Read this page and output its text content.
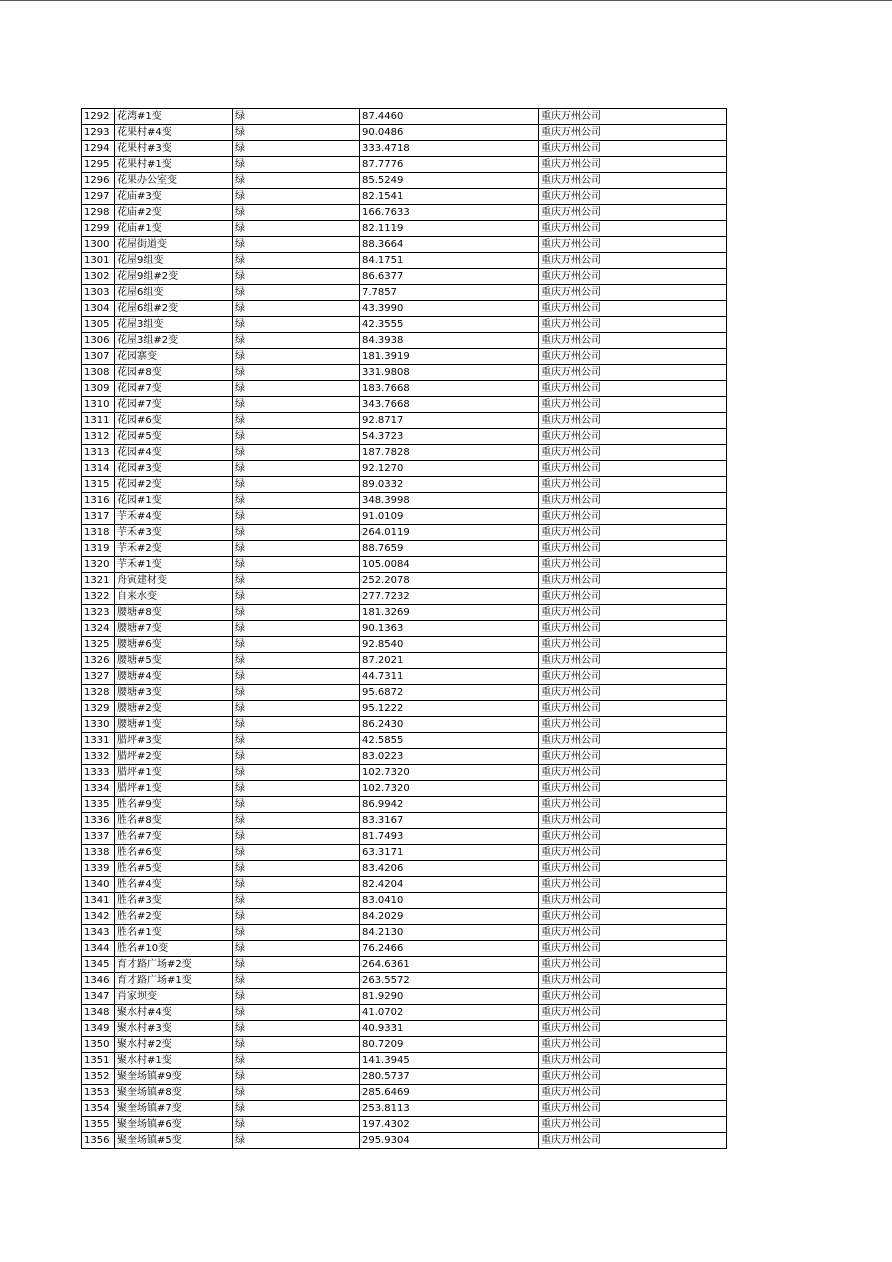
1292	花湾#1变	绿	87.4460	重庆万州公司
1293	花果村#4变	绿	90.0486	重庆万州公司
1294	花果村#3变	绿	333.4718	重庆万州公司
1295	花果村#1变	绿	87.7776	重庆万州公司
1296	花果办公室变	绿	85.5249	重庆万州公司
1297	花庙#3变	绿	82.1541	重庆万州公司
1298	花庙#2变	绿	166.7633	重庆万州公司
1299	花庙#1变	绿	82.1119	重庆万州公司
1300	花屋街道变	绿	88.3664	重庆万州公司
1301	花屋9组变	绿	84.1751	重庆万州公司
1302	花屋9组#2变	绿	86.6377	重庆万州公司
1303	花屋6组变	绿	7.7857	重庆万州公司
1304	花屋6组#2变	绿	43.3990	重庆万州公司
1305	花屋3组变	绿	42.3555	重庆万州公司
1306	花屋3组#2变	绿	84.3938	重庆万州公司
1307	花园寨变	绿	181.3919	重庆万州公司
1308	花园#8变	绿	331.9808	重庆万州公司
1309	花园#7变	绿	183.7668	重庆万州公司
1310	花园#7变	绿	343.7668	重庆万州公司
1311	花园#6变	绿	92.8717	重庆万州公司
1312	花园#5变	绿	54.3723	重庆万州公司
1313	花园#4变	绿	187.7828	重庆万州公司
1314	花园#3变	绿	92.1270	重庆万州公司
1315	花园#2变	绿	89.0332	重庆万州公司
1316	花园#1变	绿	348.3998	重庆万州公司
1317	芋禾#4变	绿	91.0109	重庆万州公司
1318	芋禾#3变	绿	264.0119	重庆万州公司
1319	芋禾#2变	绿	88.7659	重庆万州公司
1320	芋禾#1变	绿	105.0084	重庆万州公司
1321	舟寅建材变	绿	252.2078	重庆万州公司
1322	自来水变	绿	277.7232	重庆万州公司
1323	腰塘#8变	绿	181.3269	重庆万州公司
1324	腰塘#7变	绿	90.1363	重庆万州公司
1325	腰塘#6变	绿	92.8540	重庆万州公司
1326	腰塘#5变	绿	87.2021	重庆万州公司
1327	腰塘#4变	绿	44.7311	重庆万州公司
1328	腰塘#3变	绿	95.6872	重庆万州公司
1329	腰塘#2变	绿	95.1222	重庆万州公司
1330	腰塘#1变	绿	86.2430	重庆万州公司
1331	腊坪#3变	绿	42.5855	重庆万州公司
1332	腊坪#2变	绿	83.0223	重庆万州公司
1333	腊坪#1变	绿	102.7320	重庆万州公司
1334	腊坪#1变	绿	102.7320	重庆万州公司
1335	胜名#9变	绿	86.9942	重庆万州公司
1336	胜名#8变	绿	83.3167	重庆万州公司
1337	胜名#7变	绿	81.7493	重庆万州公司
1338	胜名#6变	绿	63.3171	重庆万州公司
1339	胜名#5变	绿	83.4206	重庆万州公司
1340	胜名#4变	绿	82.4204	重庆万州公司
1341	胜名#3变	绿	83.0410	重庆万州公司
1342	胜名#2变	绿	84.2029	重庆万州公司
1343	胜名#1变	绿	84.2130	重庆万州公司
1344	胜名#10变	绿	76.2466	重庆万州公司
1345	育才路广场#2变	绿	264.6361	重庆万州公司
1346	育才路广场#1变	绿	263.5572	重庆万州公司
1347	肖家坝变	绿	81.9290	重庆万州公司
1348	聚水村#4变	绿	41.0702	重庆万州公司
1349	聚水村#3变	绿	40.9331	重庆万州公司
1350	聚水村#2变	绿	80.7209	重庆万州公司
1351	聚水村#1变	绿	141.3945	重庆万州公司
1352	聚奎场镇#9变	绿	280.5737	重庆万州公司
1353	聚奎场镇#8变	绿	285.6469	重庆万州公司
1354	聚奎场镇#7变	绿	253.8113	重庆万州公司
1355	聚奎场镇#6变	绿	197.4302	重庆万州公司
1356	聚奎场镇#5变	绿	295.9304	重庆万州公司
